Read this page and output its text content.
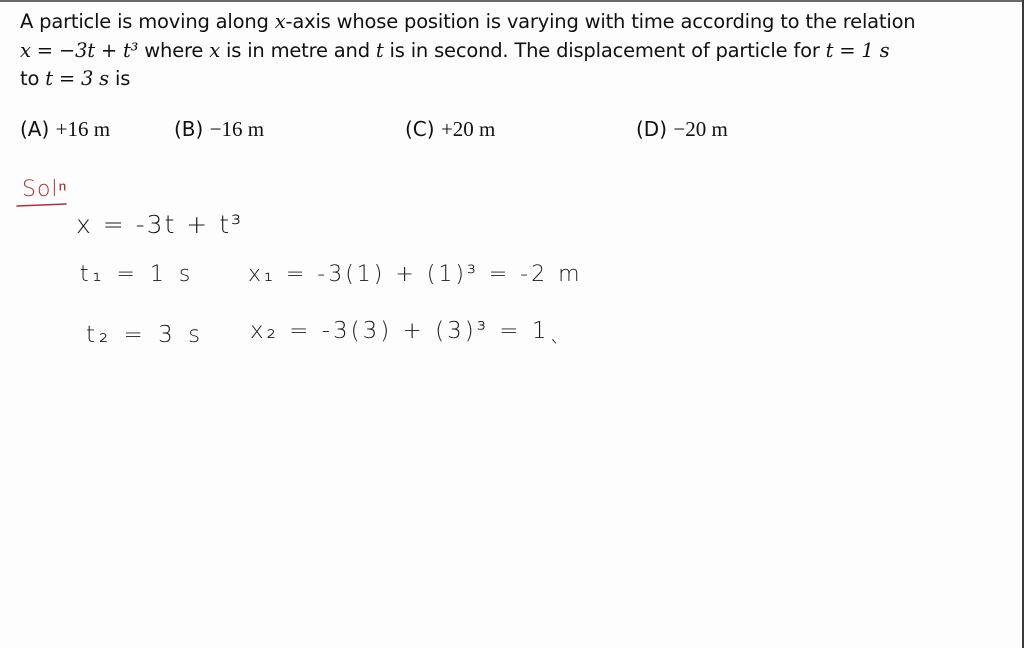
A particle is moving along x-axis whose position is varying with time according to the relation
x = −3t + t³ where x is in metre and t is in second. The displacement of particle for t = 1 s
to t = 3 s is
(A) +16 m	(B) −16 m	(C) +20 m	(D) −20 m
Solⁿ
x = -3t + t³
t₁ = 1 s x₁ = -3(1) + (1)³ = -2 m
t₂ = 3 s x₂ = -3(3) + (3)³ = 1ˎ
